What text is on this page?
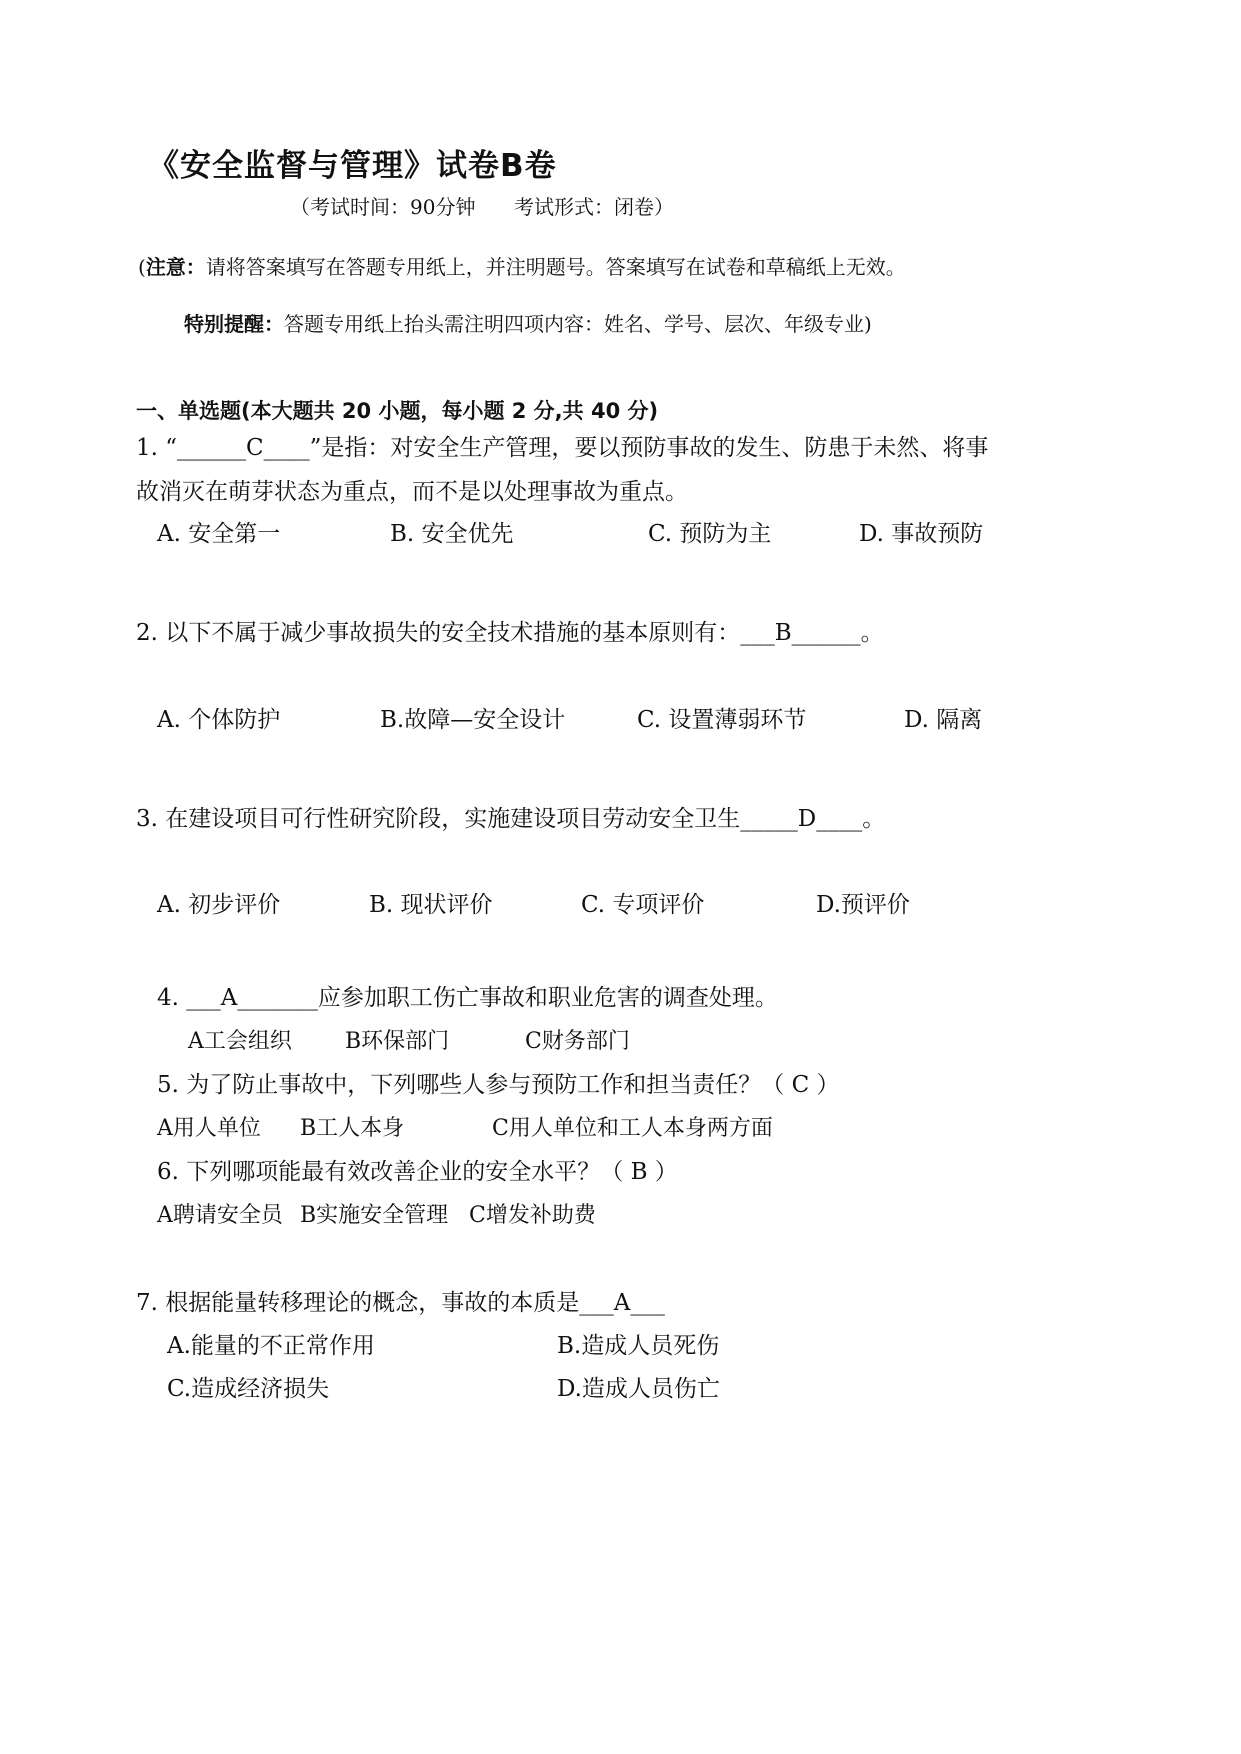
《安全监督与管理》试卷B卷
（考试时间：90分钟 考试形式：闭卷）
(注意：请将答案填写在答题专用纸上，并注明题号。答案填写在试卷和草稿纸上无效。
特别提醒：答题专用纸上抬头需注明四项内容：姓名、学号、层次、年级专业)
一、单选题(本大题共 20 小题，每小题 2 分,共 40 分)
1. “______C____”是指：对安全生产管理，要以预防事故的发生、防患于未然、将事
故消灭在萌芽状态为重点，而不是以处理事故为重点。
A. 安全第一	B. 安全优先	C. 预防为主	D. 事故预防
2. 以下不属于减少事故损失的安全技术措施的基本原则有：___B______。
A. 个体防护	B.故障—安全设计	C. 设置薄弱环节	D. 隔离
3. 在建设项目可行性研究阶段，实施建设项目劳动安全卫生_____D____。
A. 初步评价	B. 现状评价	C. 专项评价	D.预评价
4. ___A_______应参加职工伤亡事故和职业危害的调查处理。
A工会组织 B环保部门	C财务部门
5. 为了防止事故中，下列哪些人参与预防工作和担当责任？（ C ）
A用人单位 B工人本身	C用人单位和工人本身两方面
6. 下列哪项能最有效改善企业的安全水平？（ B ）
A聘请安全员 B实施安全管理 C增发补助费
7. 根据能量转移理论的概念，事故的本质是___A___
A.能量的不正常作用	B.造成人员死伤
C.造成经济损失	D.造成人员伤亡
